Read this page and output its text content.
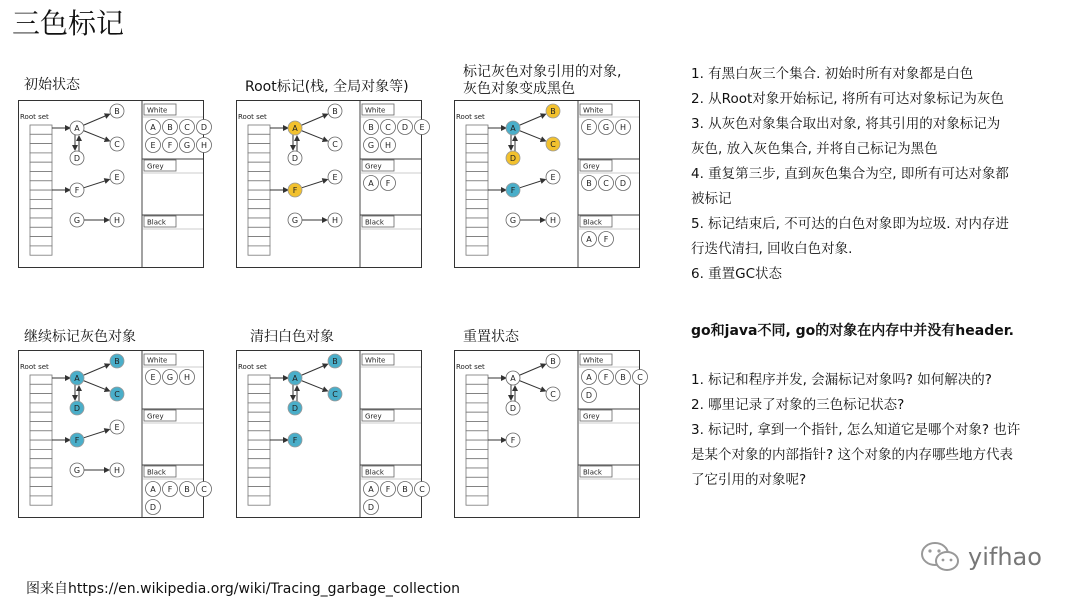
三色标记
初始状态	Root标记(栈, 全局对象等)
标记灰色对象引用的对象,
灰色对象变成黑色
继续标记灰色对象	清扫白色对象	重置状态
Root set
A
B
C
D
E
F
G	H
White
A B C D
E F G H
Grey
Black
Root set
A
B
C
D
E
F
G	H
White
B C D E
G H
Grey
A F
Black
Root set
A
B
C
D
E
F
G	H
White
E G H
Grey
B C D
Black
A F
Root set
A
B
C
D
E
F
G	H
White
E G H
Grey
Black
A F B C
D
Root set
A
B
C
D
F
White
Grey
Black
A F B C
D
Root set
A
B
C
D
F
White
A F B C
D
Grey
Black
1. 有黑白灰三个集合. 初始时所有对象都是白色
2. 从Root对象开始标记, 将所有可达对象标记为灰色
3. 从灰色对象集合取出对象, 将其引用的对象标记为
灰色, 放入灰色集合, 并将自己标记为黑色
4. 重复第三步, 直到灰色集合为空, 即所有可达对象都
被标记
5. 标记结束后, 不可达的白色对象即为垃圾. 对内存进
行迭代清扫, 回收白色对象.
6. 重置GC状态
go和java不同, go的对象在内存中并没有header.
1. 标记和程序并发, 会漏标记对象吗? 如何解决的?
2. 哪里记录了对象的三色标记状态?
3. 标记时, 拿到一个指针, 怎么知道它是哪个对象? 也许
是某个对象的内部指针? 这个对象的内存哪些地方代表
了它引用的对象呢?
图来自https://en.wikipedia.org/wiki/Tracing_garbage_collection
yifhao
